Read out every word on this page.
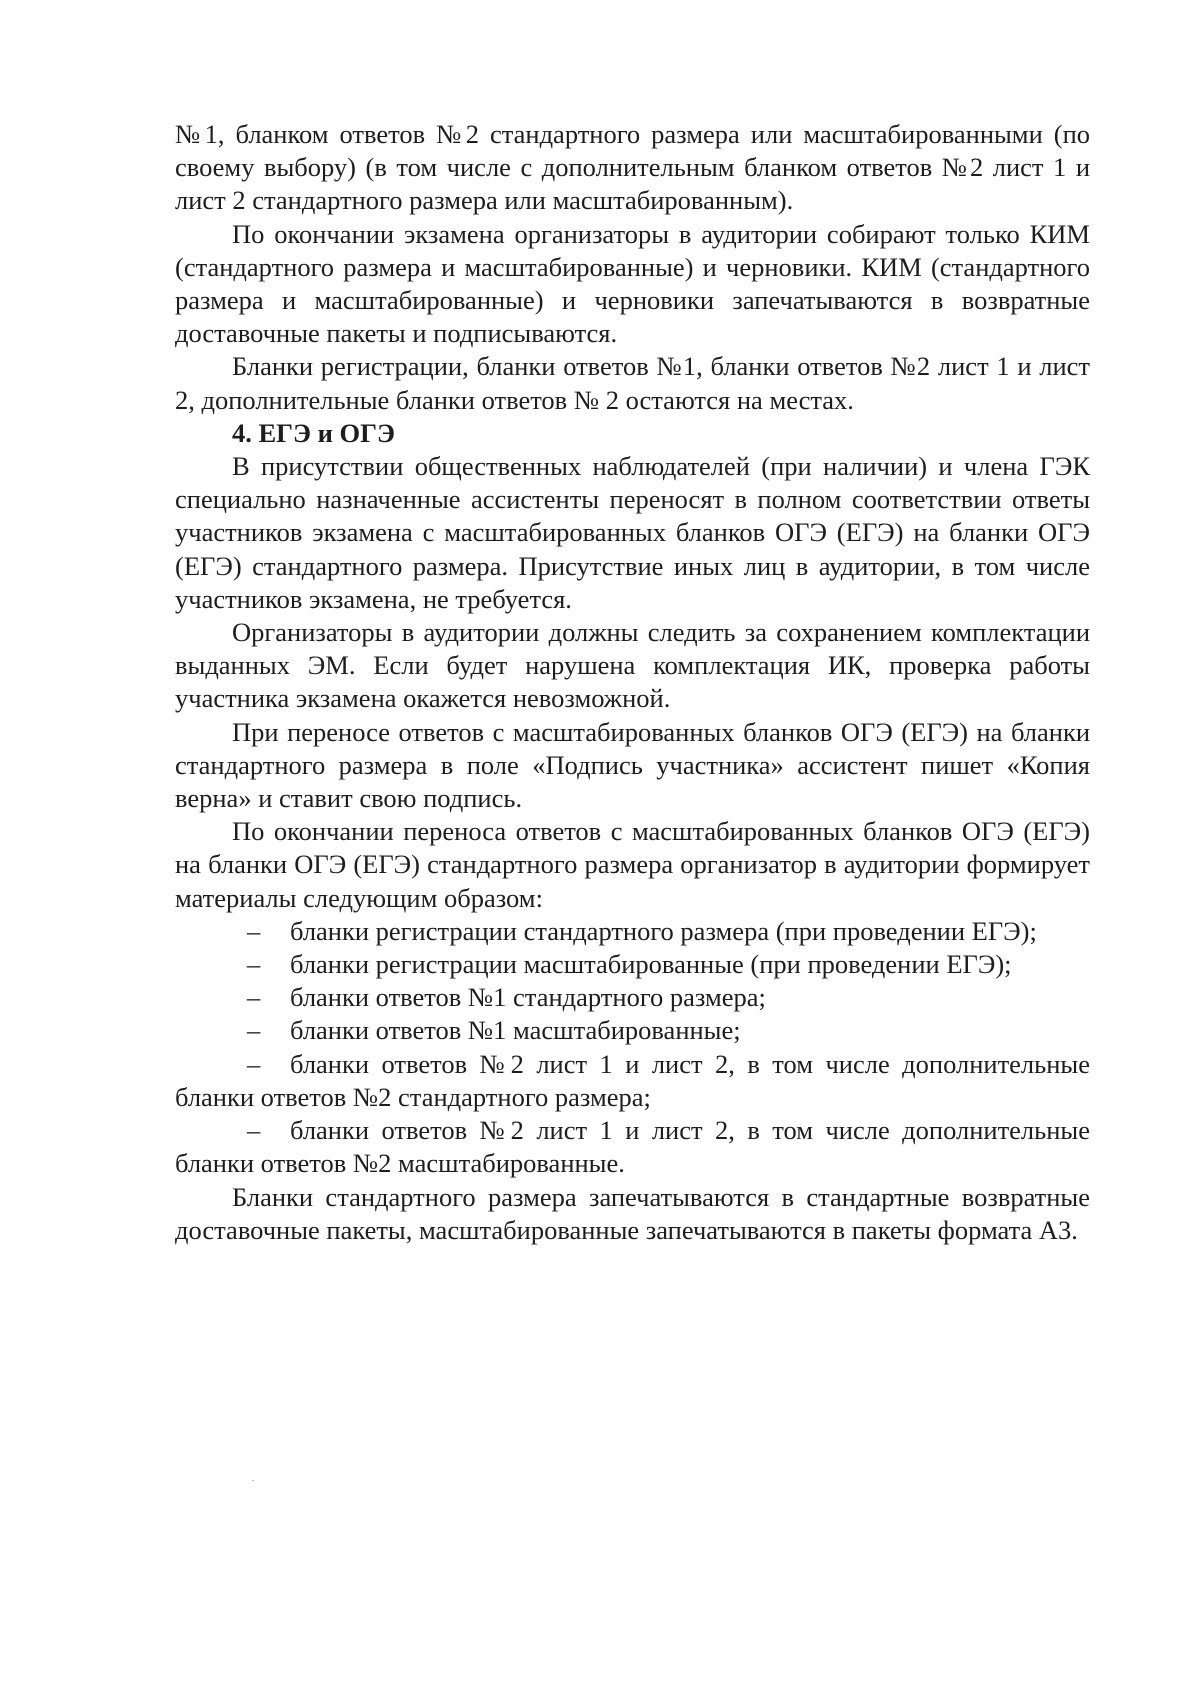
№1, бланком ответов №2 стандартного размера или масштабированными (по своему выбору) (в том числе с дополнительным бланком ответов №2 лист 1 и лист 2 стандартного размера или масштабированным).

По окончании экзамена организаторы в аудитории собирают только КИМ (стандартного размера и масштабированные) и черновики. КИМ (стандартного размера и масштабированные) и черновики запечатываются в возвратные доставочные пакеты и подписываются.

Бланки регистрации, бланки ответов №1, бланки ответов №2 лист 1 и лист 2, дополнительные бланки ответов № 2 остаются на местах.

4. ЕГЭ и ОГЭ

В присутствии общественных наблюдателей (при наличии) и члена ГЭК специально назначенные ассистенты переносят в полном соответствии ответы участников экзамена с масштабированных бланков ОГЭ (ЕГЭ) на бланки ОГЭ (ЕГЭ) стандартного размера. Присутствие иных лиц в аудитории, в том числе участников экзамена, не требуется.

Организаторы в аудитории должны следить за сохранением комплектации выданных ЭМ. Если будет нарушена комплектация ИК, проверка работы участника экзамена окажется невозможной.

При переносе ответов с масштабированных бланков ОГЭ (ЕГЭ) на бланки стандартного размера в поле «Подпись участника» ассистент пишет «Копия верна» и ставит свою подпись.

По окончании переноса ответов с масштабированных бланков ОГЭ (ЕГЭ) на бланки ОГЭ (ЕГЭ) стандартного размера организатор в аудитории формирует материалы следующим образом:

– бланки регистрации стандартного размера (при проведении ЕГЭ);
– бланки регистрации масштабированные (при проведении ЕГЭ);
– бланки ответов №1 стандартного размера;
– бланки ответов №1 масштабированные;
– бланки ответов №2 лист 1 и лист 2, в том числе дополнительные бланки ответов №2 стандартного размера;
– бланки ответов №2 лист 1 и лист 2, в том числе дополнительные бланки ответов №2 масштабированные.

Бланки стандартного размера запечатываются в стандартные возвратные доставочные пакеты, масштабированные запечатываются в пакеты формата А3.
